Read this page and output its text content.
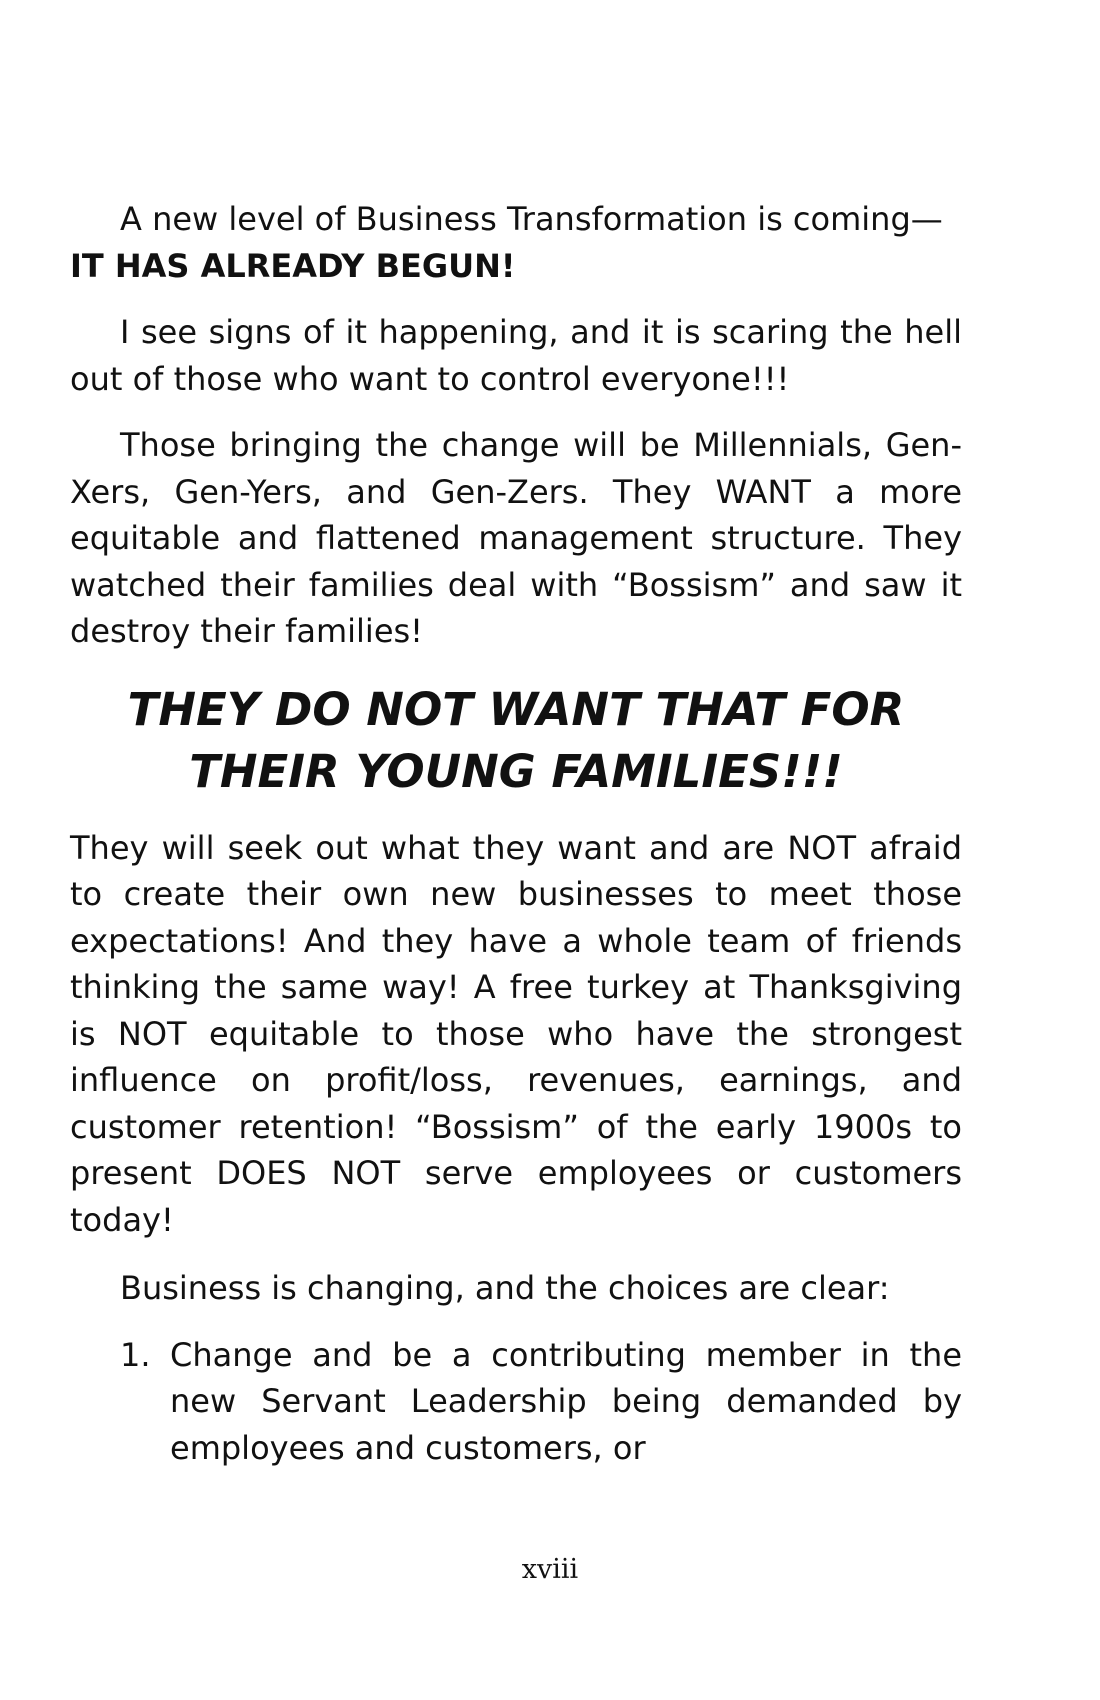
A new level of Business Transformation is coming—
IT HAS ALREADY BEGUN!

I see signs of it happening, and it is scaring the hell out of those who want to control everyone!!!

Those bringing the change will be Millennials, Gen-Xers, Gen-Yers, and Gen-Zers. They WANT a more equitable and flattened management structure. They watched their families deal with “Bossism” and saw it destroy their families!

THEY DO NOT WANT THAT FOR
THEIR YOUNG FAMILIES!!!

They will seek out what they want and are NOT afraid to create their own new businesses to meet those expectations! And they have a whole team of friends thinking the same way! A free turkey at Thanksgiving is NOT equitable to those who have the strongest influence on profit/loss, revenues, earnings, and customer retention! “Bossism” of the early 1900s to present DOES NOT serve employees or customers today!

Business is changing, and the choices are clear:

1. Change and be a contributing member in the new Servant Leadership being demanded by employees and customers, or
xviii
